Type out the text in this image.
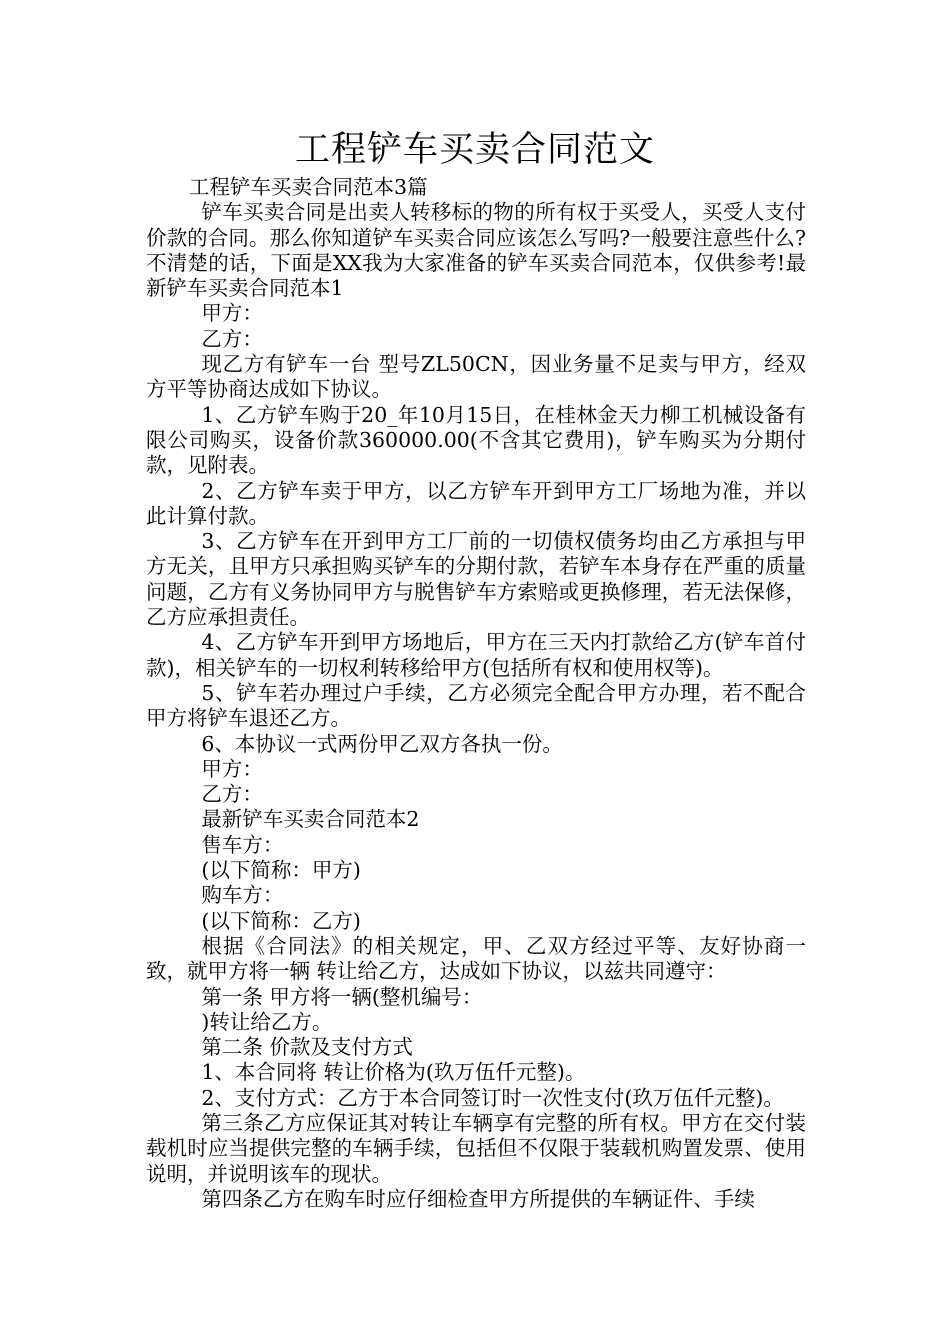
工程铲车买卖合同范文

工程铲车买卖合同范本3篇

铲车买卖合同是出卖人转移标的物的所有权于买受人，买受人支付价款的合同。那么你知道铲车买卖合同应该怎么写吗?一般要注意些什么?不清楚的话，下面是XX我为大家准备的铲车买卖合同范本，仅供参考!最新铲车买卖合同范本1

甲方：

乙方：

现乙方有铲车一台 型号ZL50CN，因业务量不足卖与甲方，经双方平等协商达成如下协议。

1、乙方铲车购于20_年10月15日，在桂林金天力柳工机械设备有限公司购买，设备价款360000.00(不含其它费用)，铲车购买为分期付款，见附表。

2、乙方铲车卖于甲方，以乙方铲车开到甲方工厂场地为准，并以此计算付款。

3、乙方铲车在开到甲方工厂前的一切债权债务均由乙方承担与甲方无关，且甲方只承担购买铲车的分期付款，若铲车本身存在严重的质量问题，乙方有义务协同甲方与脱售铲车方索赔或更换修理，若无法保修，乙方应承担责任。

4、乙方铲车开到甲方场地后，甲方在三天内打款给乙方(铲车首付款)，相关铲车的一切权利转移给甲方(包括所有权和使用权等)。

5、铲车若办理过户手续，乙方必须完全配合甲方办理，若不配合甲方将铲车退还乙方。

6、本协议一式两份甲乙双方各执一份。

甲方：

乙方：

最新铲车买卖合同范本2

售车方：

(以下简称：甲方)

购车方：

(以下简称：乙方)

根据《合同法》的相关规定，甲、乙双方经过平等、友好协商一致，就甲方将一辆 转让给乙方，达成如下协议，以兹共同遵守：

第一条 甲方将一辆(整机编号：

)转让给乙方。

第二条 价款及支付方式

1、本合同将 转让价格为(玖万伍仟元整)。

2、支付方式：乙方于本合同签订时一次性支付(玖万伍仟元整)。

第三条乙方应保证其对转让车辆享有完整的所有权。甲方在交付装载机时应当提供完整的车辆手续，包括但不仅限于装载机购置发票、使用说明，并说明该车的现状。

第四条乙方在购车时应仔细检查甲方所提供的车辆证件、手续
